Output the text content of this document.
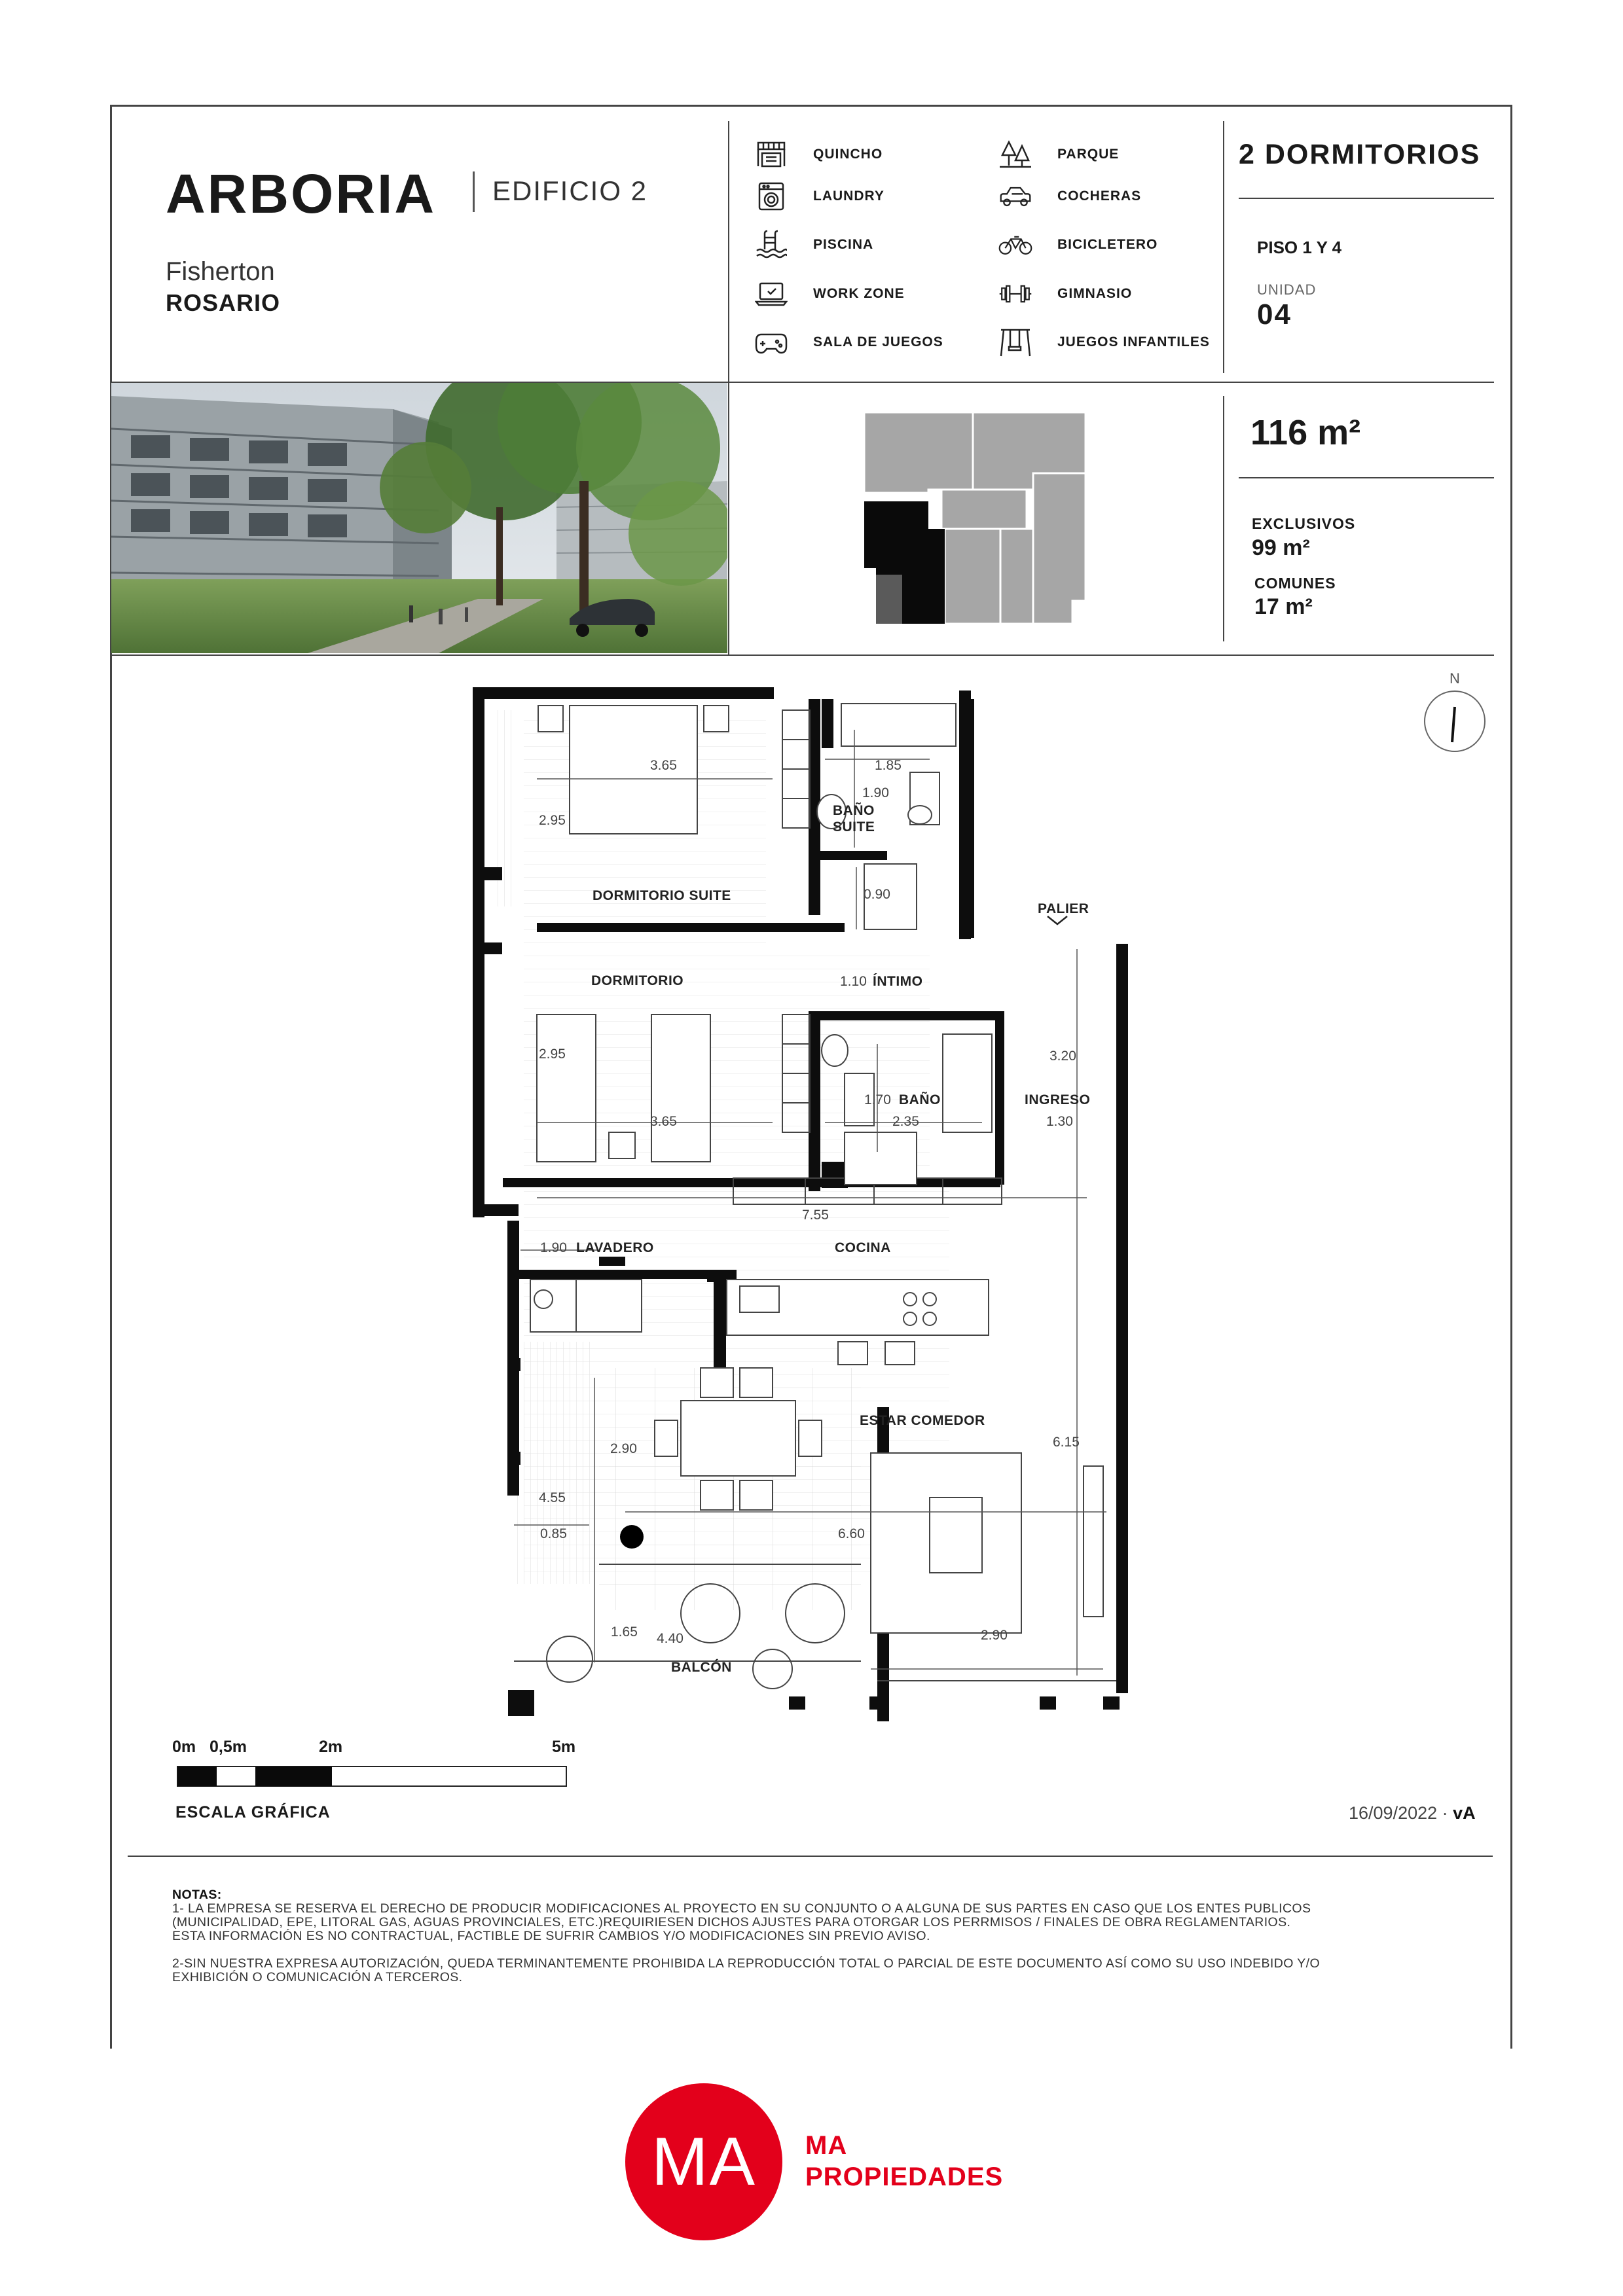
ARBORIA EDIFICIO 2
Fisherton
ROSARIO
QUINCHO
LAUNDRY
PISCINA
WORK ZONE
SALA DE JUEGOS
PARQUE
COCHERAS
BICICLETERO
GIMNASIO
JUEGOS INFANTILES
2 DORMITORIOS
PISO 1 Y 4
UNIDAD
04
116 m²
EXCLUSIVOS
99 m²
COMUNES
17 m²
DORMITORIO SUITE
BAÑO
SUITE
DORMITORIO	ÍNTIMO
BAÑO	INGRESO
PALIER
LAVADERO	COCINA
ESTAR COMEDOR
BALCÓN
3.65
2.95
1.85
1.90
0.90
1.10
2.95
3.65
1.70
2.35
3.20
1.30
7.55
1.90
2.90	6.15
4.55
0.85	6.60
1.65 4.40	2.90
N
0m 0,5m	2m	5m
ESCALA GRÁFICA	16/09/2022 · vA

NOTAS:

1- LA EMPRESA SE RESERVA EL DERECHO DE PRODUCIR MODIFICACIONES AL PROYECTO EN SU CONJUNTO O A ALGUNA DE SUS PARTES EN CASO QUE LOS ENTES PUBLICOS

(MUNICIPALIDAD, EPE, LITORAL GAS, AGUAS PROVINCIALES, ETC.)REQUIRIESEN DICHOS AJUSTES PARA OTORGAR LOS PERRMISOS / FINALES DE OBRA REGLAMENTARIOS.

ESTA INFORMACIÓN ES NO CONTRACTUAL, FACTIBLE DE SUFRIR CAMBIOS Y/O MODIFICACIONES SIN PREVIO AVISO.

2-SIN NUESTRA EXPRESA AUTORIZACIÓN, QUEDA TERMINANTEMENTE PROHIBIDA LA REPRODUCCIÓN TOTAL O PARCIAL DE ESTE DOCUMENTO ASÍ COMO SU USO INDEBIDO Y/O

EXHIBICIÓN O COMUNICACIÓN A TERCEROS.

MA MA
PROPIEDADES
